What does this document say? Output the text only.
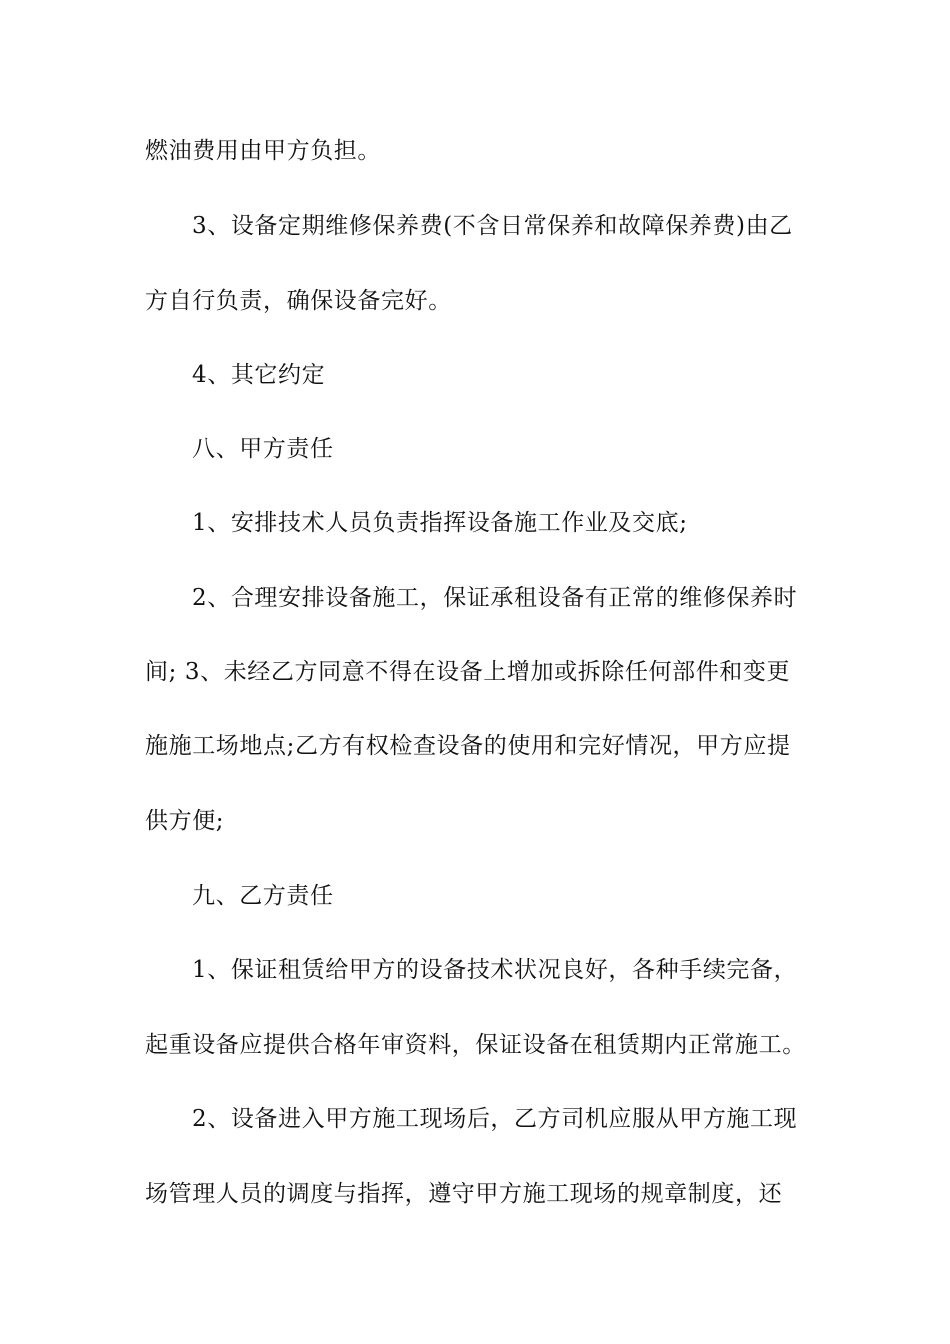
燃油费用由甲方负担。
3、设备定期维修保养费(不含日常保养和故障保养费)由乙
方自行负责，确保设备完好。
4、其它约定
八、甲方责任
1、安排技术人员负责指挥设备施工作业及交底;
2、合理安排设备施工，保证承租设备有正常的维修保养时
间; 3、未经乙方同意不得在设备上增加或拆除任何部件和变更
施施工场地点;乙方有权检查设备的使用和完好情况，甲方应提
供方便;
九、乙方责任
1、保证租赁给甲方的设备技术状况良好，各种手续完备，
起重设备应提供合格年审资料，保证设备在租赁期内正常施工。
2、设备进入甲方施工现场后，乙方司机应服从甲方施工现
场管理人员的调度与指挥，遵守甲方施工现场的规章制度，还
